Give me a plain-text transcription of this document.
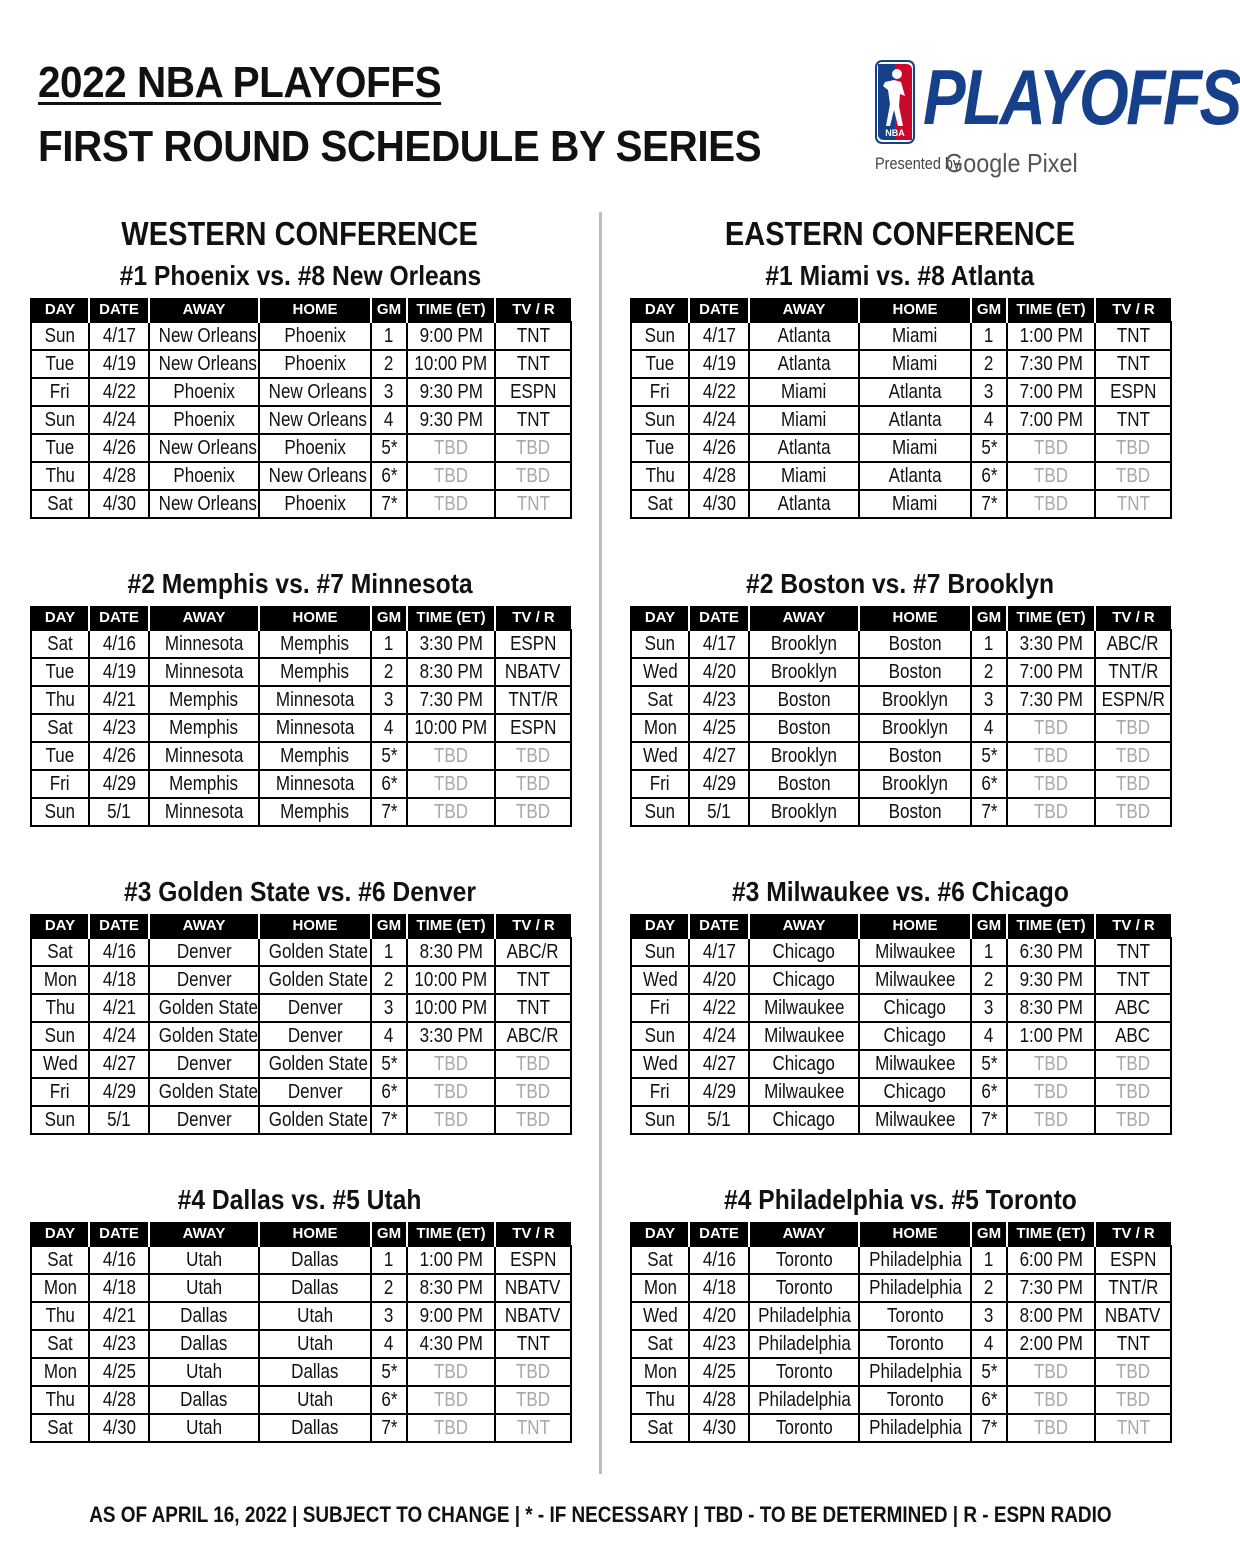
2022 NBA PLAYOFFS
FIRST ROUND SCHEDULE BY SERIES	NBA PLAYOFFS
Presented by
Google Pixel
WESTERN CONFERENCE
#1 Phoenix vs. #8 New Orleans
DAY	DATE	AWAY	HOME	GM	TIME (ET)	TV / R
Sun	4/17	New Orleans	Phoenix	1	9:00 PM	TNT
Tue	4/19	New Orleans	Phoenix	2	10:00 PM	TNT
Fri	4/22	Phoenix	New Orleans	3	9:30 PM	ESPN
Sun	4/24	Phoenix	New Orleans	4	9:30 PM	TNT
Tue	4/26	New Orleans	Phoenix	5*	TBD	TBD
Thu	4/28	Phoenix	New Orleans	6*	TBD	TBD
Sat	4/30	New Orleans	Phoenix	7*	TBD	TNT
#2 Memphis vs. #7 Minnesota
DAY	DATE	AWAY	HOME	GM	TIME (ET)	TV / R
Sat	4/16	Minnesota	Memphis	1	3:30 PM	ESPN
Tue	4/19	Minnesota	Memphis	2	8:30 PM	NBATV
Thu	4/21	Memphis	Minnesota	3	7:30 PM	TNT/R
Sat	4/23	Memphis	Minnesota	4	10:00 PM	ESPN
Tue	4/26	Minnesota	Memphis	5*	TBD	TBD
Fri	4/29	Memphis	Minnesota	6*	TBD	TBD
Sun	5/1	Minnesota	Memphis	7*	TBD	TBD
#3 Golden State vs. #6 Denver
DAY	DATE	AWAY	HOME	GM	TIME (ET)	TV / R
Sat	4/16	Denver	Golden State	1	8:30 PM	ABC/R
Mon	4/18	Denver	Golden State	2	10:00 PM	TNT
Thu	4/21	Golden State	Denver	3	10:00 PM	TNT
Sun	4/24	Golden State	Denver	4	3:30 PM	ABC/R
Wed	4/27	Denver	Golden State	5*	TBD	TBD
Fri	4/29	Golden State	Denver	6*	TBD	TBD
Sun	5/1	Denver	Golden State	7*	TBD	TBD
#4 Dallas vs. #5 Utah
DAY	DATE	AWAY	HOME	GM	TIME (ET)	TV / R
Sat	4/16	Utah	Dallas	1	1:00 PM	ESPN
Mon	4/18	Utah	Dallas	2	8:30 PM	NBATV
Thu	4/21	Dallas	Utah	3	9:00 PM	NBATV
Sat	4/23	Dallas	Utah	4	4:30 PM	TNT
Mon	4/25	Utah	Dallas	5*	TBD	TBD
Thu	4/28	Dallas	Utah	6*	TBD	TBD
Sat	4/30	Utah	Dallas	7*	TBD	TNT
EASTERN CONFERENCE
#1 Miami vs. #8 Atlanta
DAY	DATE	AWAY	HOME	GM	TIME (ET)	TV / R
Sun	4/17	Atlanta	Miami	1	1:00 PM	TNT
Tue	4/19	Atlanta	Miami	2	7:30 PM	TNT
Fri	4/22	Miami	Atlanta	3	7:00 PM	ESPN
Sun	4/24	Miami	Atlanta	4	7:00 PM	TNT
Tue	4/26	Atlanta	Miami	5*	TBD	TBD
Thu	4/28	Miami	Atlanta	6*	TBD	TBD
Sat	4/30	Atlanta	Miami	7*	TBD	TNT
#2 Boston vs. #7 Brooklyn
DAY	DATE	AWAY	HOME	GM	TIME (ET)	TV / R
Sun	4/17	Brooklyn	Boston	1	3:30 PM	ABC/R
Wed	4/20	Brooklyn	Boston	2	7:00 PM	TNT/R
Sat	4/23	Boston	Brooklyn	3	7:30 PM	ESPN/R
Mon	4/25	Boston	Brooklyn	4	TBD	TBD
Wed	4/27	Brooklyn	Boston	5*	TBD	TBD
Fri	4/29	Boston	Brooklyn	6*	TBD	TBD
Sun	5/1	Brooklyn	Boston	7*	TBD	TBD
#3 Milwaukee vs. #6 Chicago
DAY	DATE	AWAY	HOME	GM	TIME (ET)	TV / R
Sun	4/17	Chicago	Milwaukee	1	6:30 PM	TNT
Wed	4/20	Chicago	Milwaukee	2	9:30 PM	TNT
Fri	4/22	Milwaukee	Chicago	3	8:30 PM	ABC
Sun	4/24	Milwaukee	Chicago	4	1:00 PM	ABC
Wed	4/27	Chicago	Milwaukee	5*	TBD	TBD
Fri	4/29	Milwaukee	Chicago	6*	TBD	TBD
Sun	5/1	Chicago	Milwaukee	7*	TBD	TBD
#4 Philadelphia vs. #5 Toronto
DAY	DATE	AWAY	HOME	GM	TIME (ET)	TV / R
Sat	4/16	Toronto	Philadelphia	1	6:00 PM	ESPN
Mon	4/18	Toronto	Philadelphia	2	7:30 PM	TNT/R
Wed	4/20	Philadelphia	Toronto	3	8:00 PM	NBATV
Sat	4/23	Philadelphia	Toronto	4	2:00 PM	TNT
Mon	4/25	Toronto	Philadelphia	5*	TBD	TBD
Thu	4/28	Philadelphia	Toronto	6*	TBD	TBD
Sat	4/30	Toronto	Philadelphia	7*	TBD	TNT
AS OF APRIL 16, 2022 | SUBJECT TO CHANGE | * - IF NECESSARY | TBD - TO BE DETERMINED | R - ESPN RADIO
